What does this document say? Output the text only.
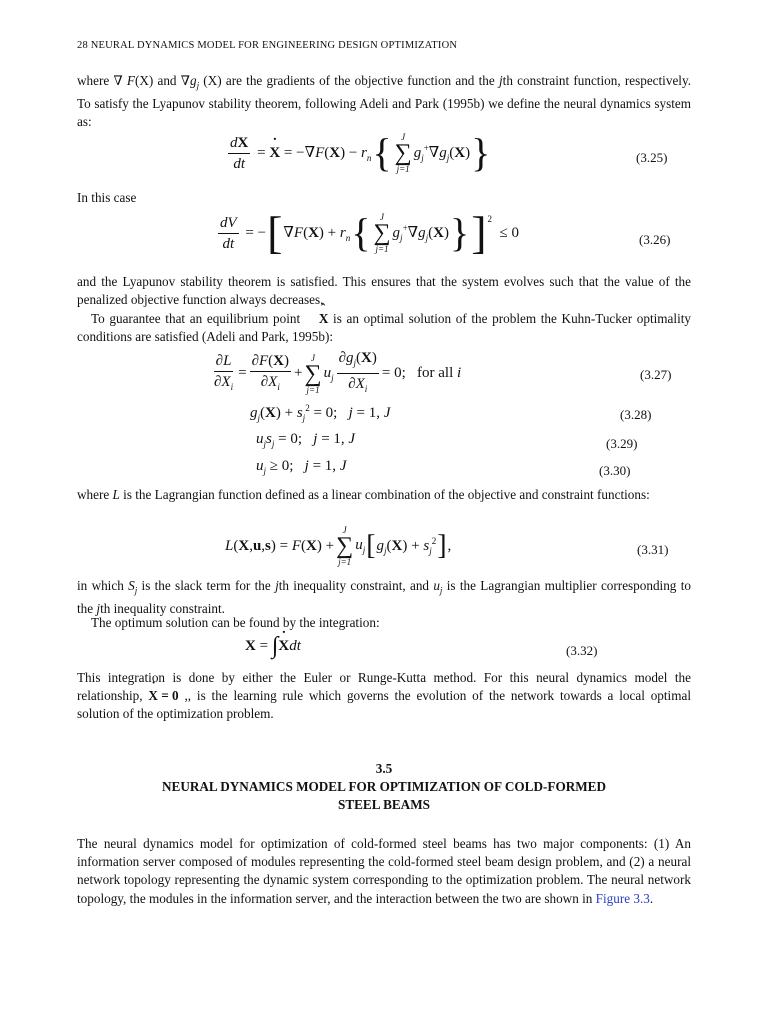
28 NEURAL DYNAMICS MODEL FOR ENGINEERING DESIGN OPTIMIZATION
where ∇ F(X) and $\nabla g_j$ (X) are the gradients of the objective function and the jth constraint function, respectively. To satisfy the Lyapunov stability theorem, following Adeli and Park (1995b) we define the neural dynamics system as:
$\frac{dX}{dt}$ = ˙ $X = -\nabla F(X) - r_n$ { J
∑
j=1
$g_j^+\nabla g_j(X)$ }	(3.25)
In this case
$\frac{dV}{dt}$ = − [ $\nabla F(X) + r_n$ { J
∑
j=1
$g_j^+\nabla g_j(X)$ } ]$^2$
≤ 0	(3.26)
and the Lyapunov stability theorem is satisfied. This ensures that the system evolves such that the value of the penalized objective function always decreases.
To guarantee that an equilibrium point ˆ X is an optimal solution of the problem the Kuhn-Tucker optimality conditions are satisfied (Adeli and Park, 1995b):
$\frac{\partial L}{\partial X_i} = \frac{\partial F(X)}{\partial X_i}$ +
J
∑
j=1
$u_j \frac{\partial g_j(X)}{\partial X_i} = 0$;   for all i	(3.27)
$g_j(X) + s_j^2 = 0$;   j = 1, J	(3.28)
$u_js_j = 0$;   j = 1, J	(3.29)
$u_j \ge 0$;   j = 1, J	(3.30)
where L is the Lagrangian function defined as a linear combination of the objective and constraint functions:
L(X,u,s) = F(X) +
J
∑
j=1
$u_j$ [ $g_j(X) + s_j^2$ ] ,	(3.31)
in which $S_j$ is the slack term for the jth inequality constraint, and $u_j$ is the Lagrangian multiplier corresponding to the jth inequality constraint.
The optimum solution can be found by the integration:
X = ∫
˙ Xdt	(3.32)
This integration is done by either the Euler or Runge-Kutta method. For this neural dynamics model the relationship, ˙ X = 0 ,, is the learning rule which governs the evolution of the network towards a local optimal solution of the optimization problem.
3.5
NEURAL DYNAMICS MODEL FOR OPTIMIZATION OF COLD-FORMED
STEEL BEAMS
The neural dynamics model for optimization of cold-formed steel beams has two major components: (1) An information server composed of modules representing the cold-formed steel beam design problem, and (2) a neural network topology representing the dynamic system corresponding to the optimization problem. The neural network topology, the modules in the information server, and the interaction between the two are shown in Figure 3.3.
